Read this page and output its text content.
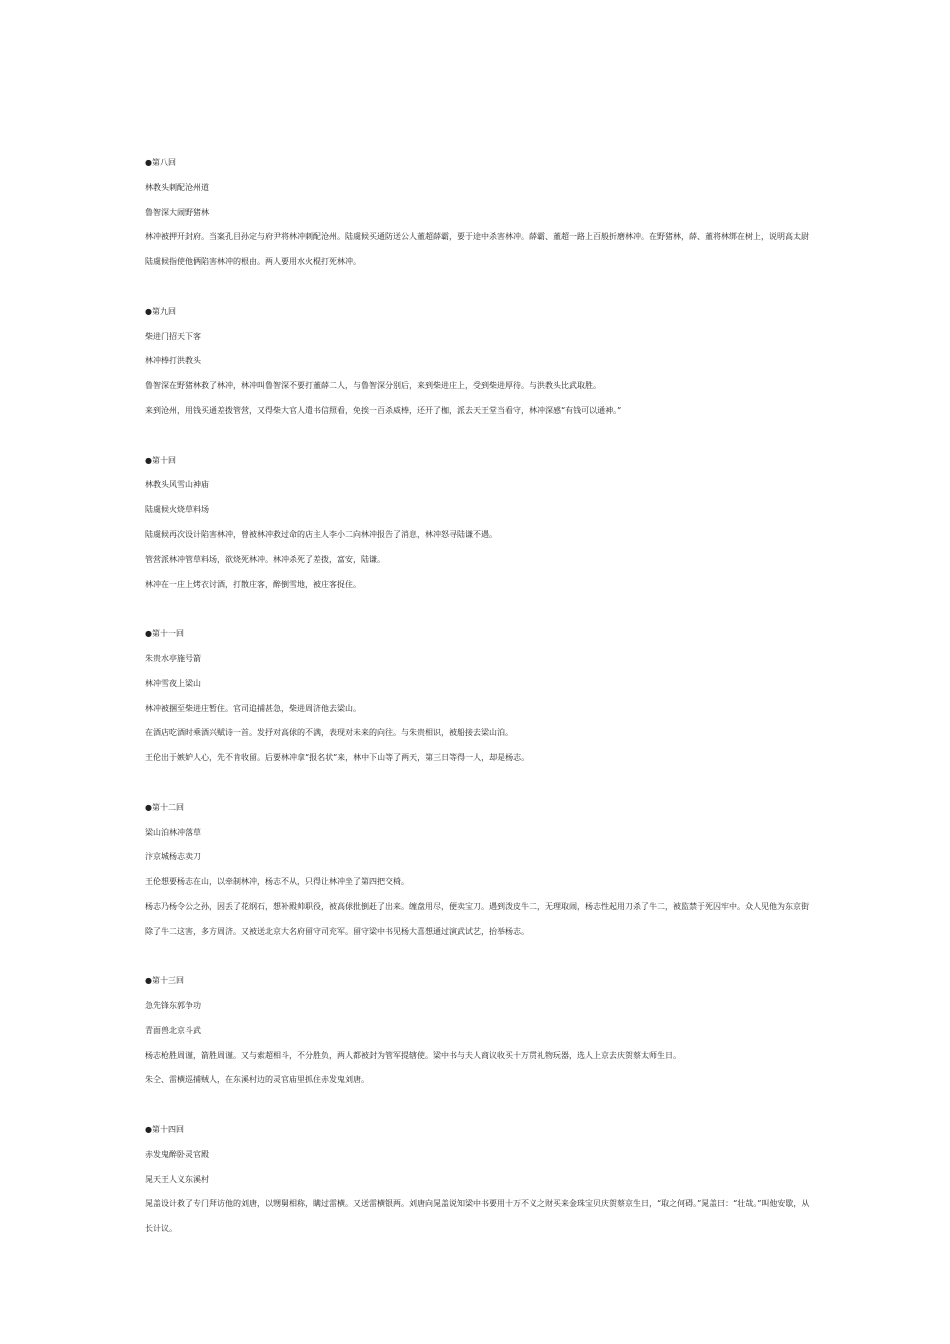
●第八回
林教头刺配沧州道
鲁智深大闹野猪林
林冲被押开封府。当案孔目孙定与府尹将林冲刺配沧州。陆虞候买通防送公人董超薛霸，要于途中杀害林冲。薛霸、董超一路上百般折磨林冲。在野猪林，薛、董将林绑在树上，说明高太尉陆虞候指使他俩陷害林冲的根由。两人要用水火棍打死林冲。
●第九回
柴进门招天下客
林冲棒打洪教头
鲁智深在野猪林救了林冲，林冲叫鲁智深不要打董薛二人，与鲁智深分别后，来到柴进庄上，受到柴进厚待。与洪教头比武取胜。
来到沧州，用钱买通差拨管营，又得柴大官人遣书信照看，免挨一百杀威棒，还开了枷，派去天王堂当看守，林冲深感“有钱可以通神。”
●第十回
林教头风雪山神庙
陆虞候火烧草料场
陆虞候再次设计陷害林冲，曾被林冲救过命的店主人李小二向林冲报告了消息，林冲怒寻陆谦不遇。
管营派林冲管草料场，欲烧死林冲。林冲杀死了差拨，富安，陆谦。
林冲在一庄上烤衣讨酒，打散庄客，醉倒雪地，被庄客捉住。
●第十一回
朱贵水亭施号箭
林冲雪夜上梁山
林冲被捆至柴进庄暂住。官司追捕甚急，柴进周济他去梁山。
在酒店吃酒时乘酒兴赋诗一首。发抒对高俅的不满，表现对未来的向往。与朱贵相识，被船接去梁山泊。
王伦出于嫉妒人心，先不肯收留。后要林冲拿“报名状”来，林中下山等了两天，第三日等得一人，却是杨志。
●第十二回
梁山泊林冲落草
汴京城杨志卖刀
王伦想要杨志在山，以牵制林冲，杨志不从，只得让林冲坐了第四把交椅。
杨志乃杨令公之孙，因丢了花纲石，想补殿帅职役，被高俅批倒赶了出来。缠盘用尽，便卖宝刀。遇到泼皮牛二，无理取闹，杨志性起用刀杀了牛二，被监禁于死囚牢中。众人见他为东京街除了牛二这害，多方周济。又被送北京大名府留守司充军。留守梁中书见杨大喜想通过演武试艺，抬举杨志。
●第十三回
急先锋东郭争功
青面兽北京斗武
杨志枪胜周谨，箭胜周谨。又与索超相斗，不分胜负，两人都被封为管军提辖使。梁中书与夫人商议收买十万贯礼物玩器，选人上京去庆贺蔡太师生日。
朱仝、雷横巡捕贼人，在东溪村边的灵官庙里抓住赤发鬼刘唐。
●第十四回
赤发鬼醉卧灵官殿
晁天王人义东溪村
晁盖设计救了专门拜访他的刘唐，以甥舅相称，瞒过雷横。又送雷横银两。刘唐向晁盖说知梁中书要用十万不义之财买来金珠宝贝庆贺蔡京生日，“取之何碍。”晁盖曰：“壮哉。”叫他安歇，从长计议。
